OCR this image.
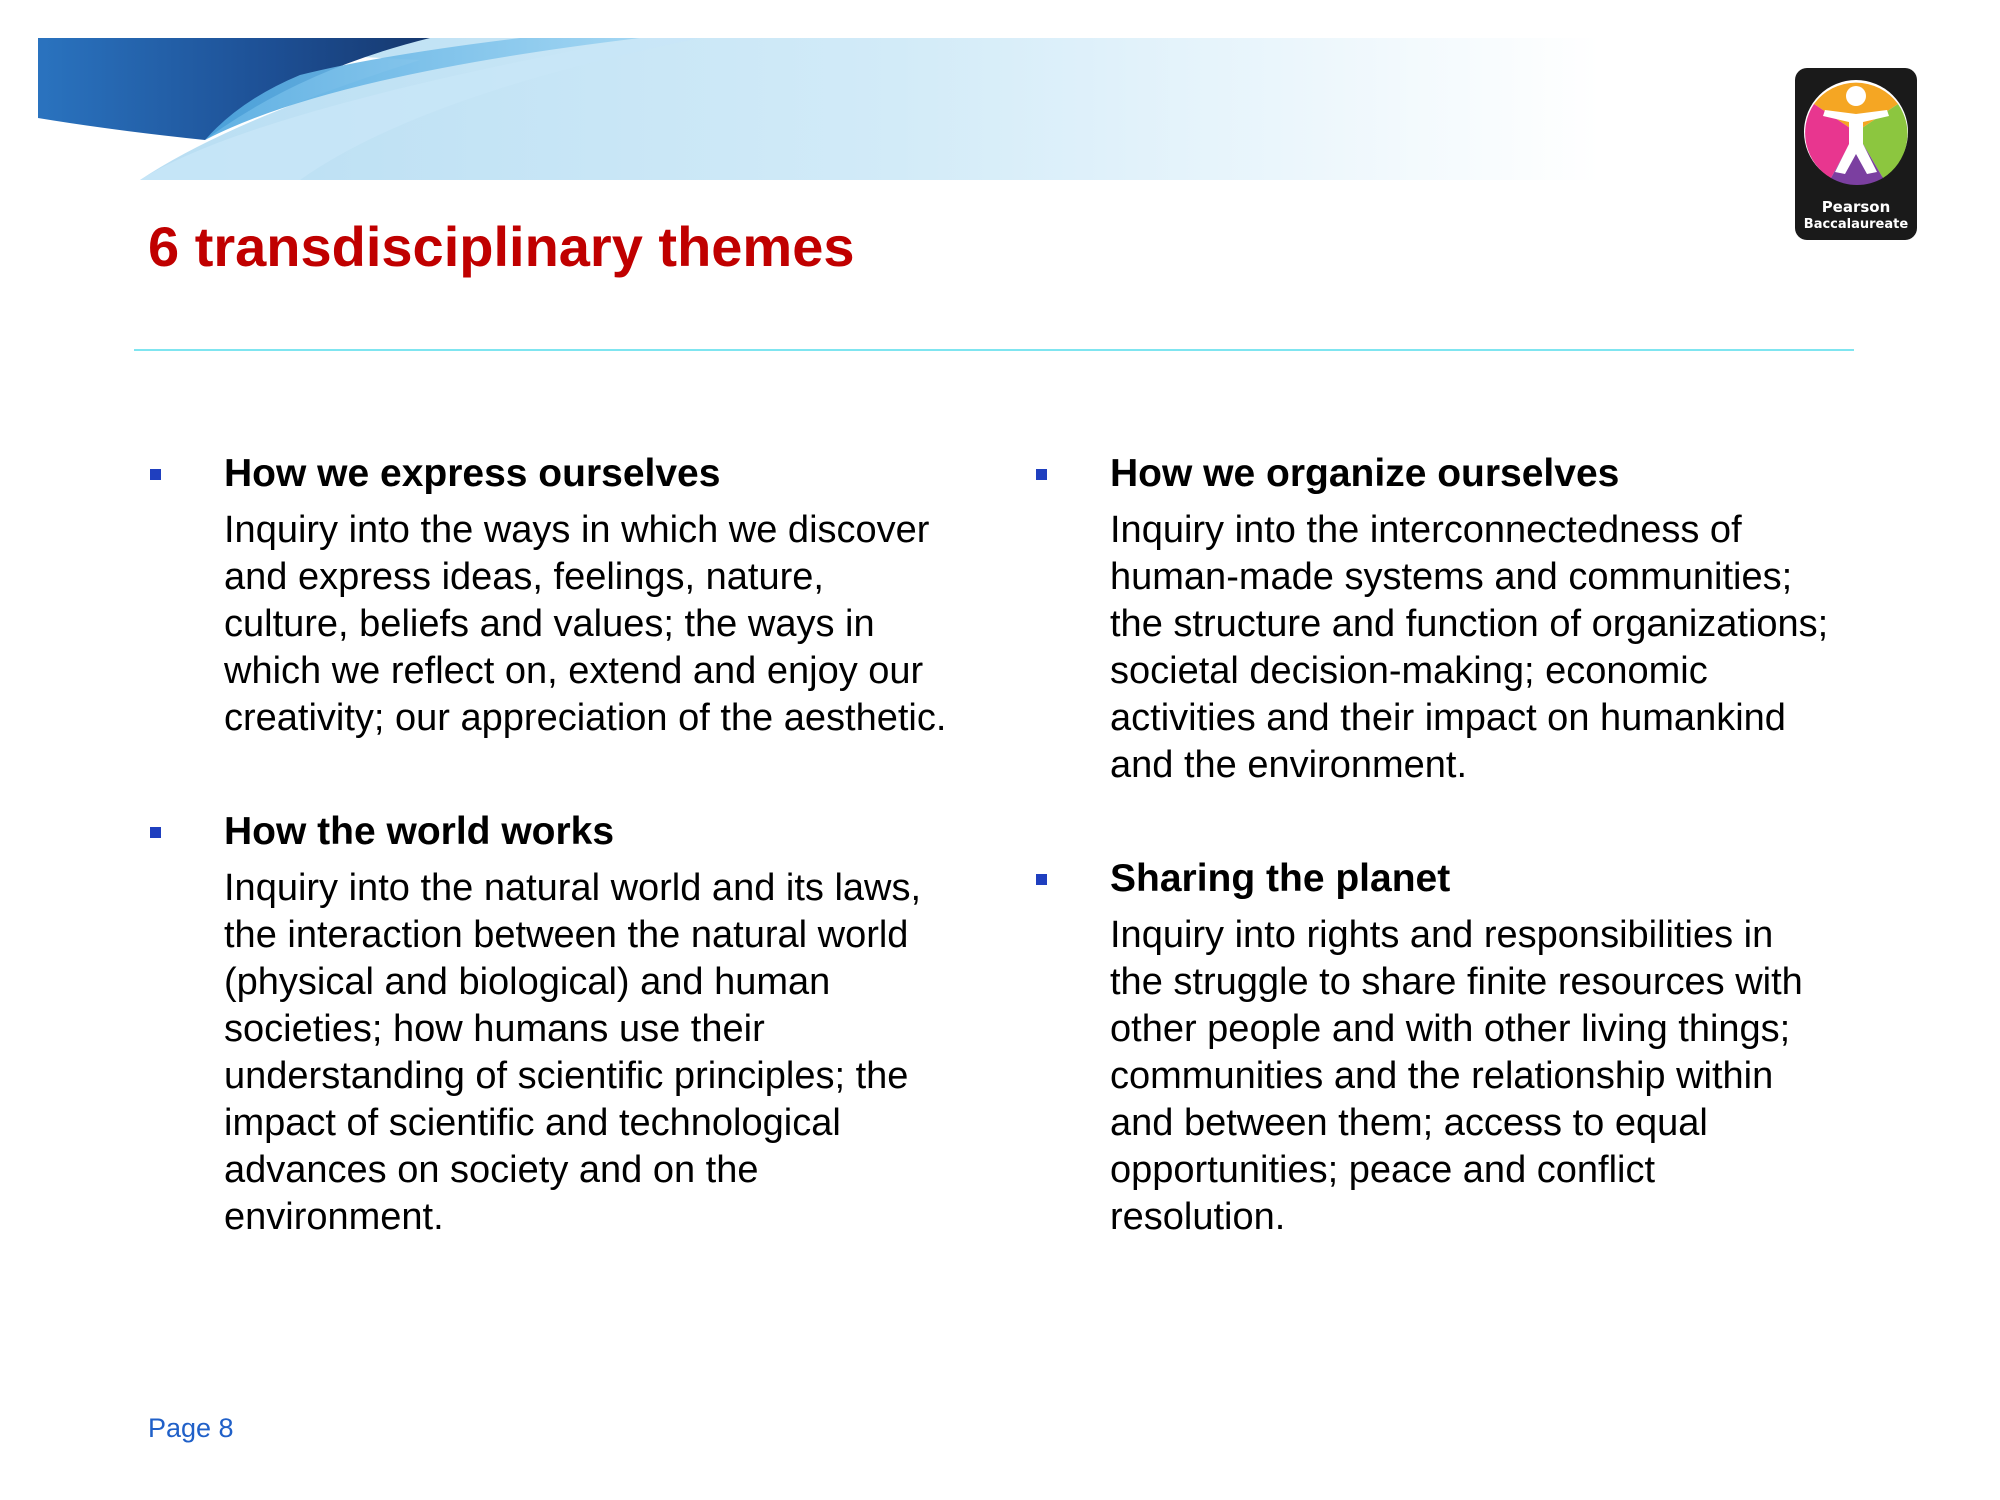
Pearson
Baccalaureate
6 transdisciplinary themes
How we express ourselves

Inquiry into the ways in which we discover
and express ideas, feelings, nature,
culture, beliefs and values; the ways in
which we reflect on, extend and enjoy our
creativity; our appreciation of the aesthetic.

How the world works

Inquiry into the natural world and its laws,
the interaction between the natural world
(physical and biological) and human
societies; how humans use their
understanding of scientific principles; the
impact of scientific and technological
advances on society and on the
environment.

How we organize ourselves

Inquiry into the interconnectedness of
human-made systems and communities;
the structure and function of organizations;
societal decision-making; economic
activities and their impact on humankind
and the environment.

Sharing the planet

Inquiry into rights and responsibilities in
the struggle to share finite resources with
other people and with other living things;
communities and the relationship within
and between them; access to equal
opportunities; peace and conflict
resolution.

Page 8
